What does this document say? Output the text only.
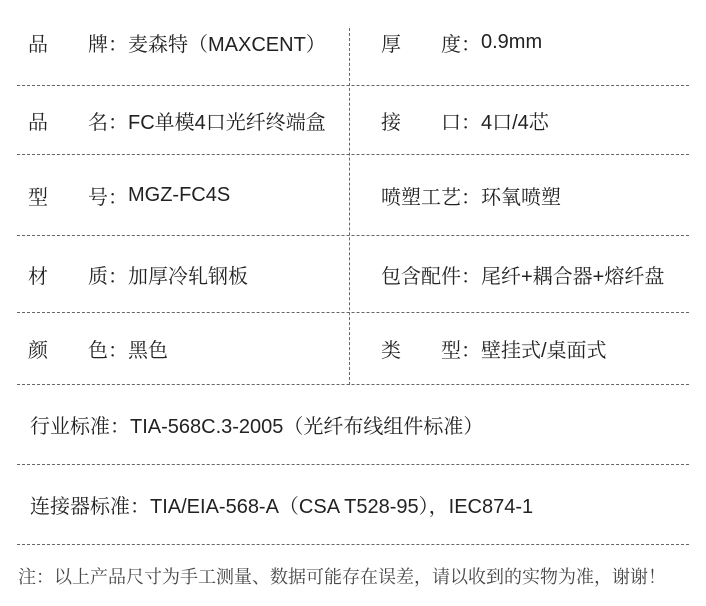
品牌 ： 麦森特（MAXCENT）	厚度 ： 0.9mm
品名 ： FC单模4口光纤终端盒	接口 ： 4口/4芯
型号 ： MGZ-FC4S	喷塑工艺 ： 环氧喷塑
材质 ： 加厚冷轧钢板	包含配件 ： 尾纤+耦合器+熔纤盘
颜色 ： 黑色	类型 ： 壁挂式/桌面式
行业标准 ： TIA-568C.3-2005（光纤布线组件标准）
连接器标准 ： TIA/EIA-568-A（CSA T528-95），IEC874-1
注：以上产品尺寸为手工测量、数据可能存在误差，请以收到的实物为准，谢谢！
